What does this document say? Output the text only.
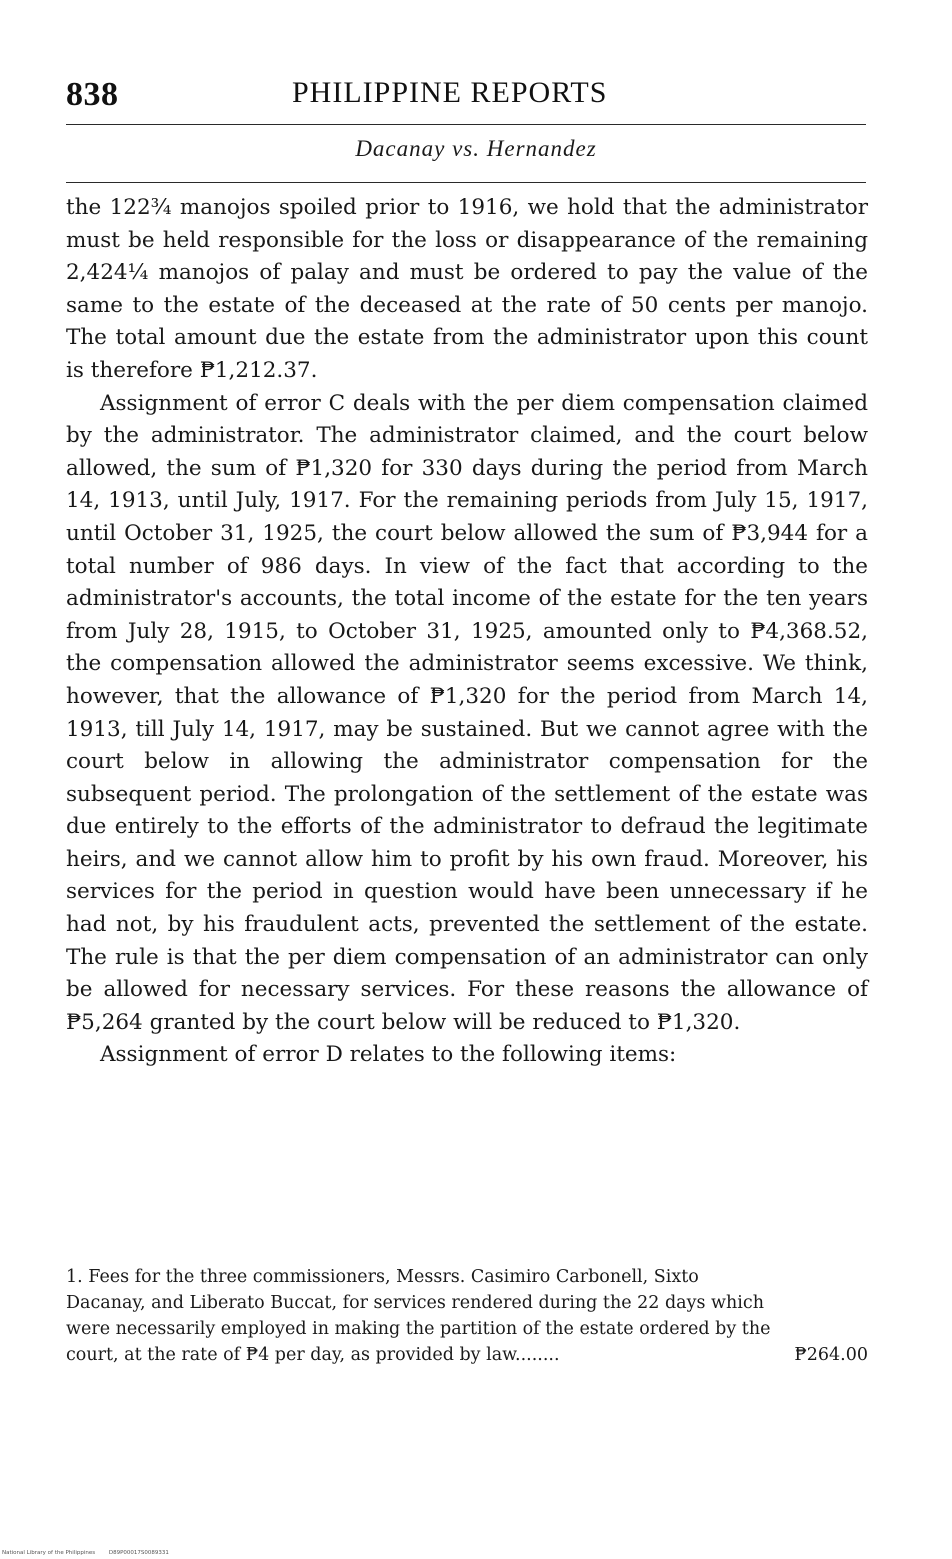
838	PHILIPPINE REPORTS
Dacanay vs. Hernandez

the 122¾ manojos spoiled prior to 1916, we hold that the administrator must be held responsible for the loss or disappearance of the remaining 2,424¼ manojos of palay and must be ordered to pay the value of the same to the estate of the deceased at the rate of 50 cents per manojo. The total amount due the estate from the administrator upon this count is therefore ₱1,212.37.

Assignment of error C deals with the per diem compensation claimed by the administrator. The administrator claimed, and the court below allowed, the sum of ₱1,320 for 330 days during the period from March 14, 1913, until July, 1917. For the remaining periods from July 15, 1917, until October 31, 1925, the court below allowed the sum of ₱3,944 for a total number of 986 days. In view of the fact that according to the administrator's accounts, the total income of the estate for the ten years from July 28, 1915, to October 31, 1925, amounted only to ₱4,368.52, the compensation allowed the administrator seems excessive. We think, however, that the allowance of ₱1,320 for the period from March 14, 1913, till July 14, 1917, may be sustained. But we cannot agree with the court below in allowing the administrator compensation for the subsequent period. The prolongation of the settlement of the estate was due entirely to the efforts of the administrator to defraud the legitimate heirs, and we cannot allow him to profit by his own fraud. Moreover, his services for the period in question would have been unnecessary if he had not, by his fraudulent acts, prevented the settlement of the estate. The rule is that the per diem compensation of an administrator can only be allowed for necessary services. For these reasons the allowance of ₱5,264 granted by the court below will be reduced to ₱1,320.

Assignment of error D relates to the following items:

1. Fees for the three commissioners, Messrs. Casimiro Carbonell, Sixto Dacanay, and Liberato Buccat, for services rendered during the 22 days which were necessarily employed in making the partition of the estate ordered by the court, at the rate of ₱4 per day, as provided by law........	₱264.00
National Library of the Philippines	D89P00017S0089331
